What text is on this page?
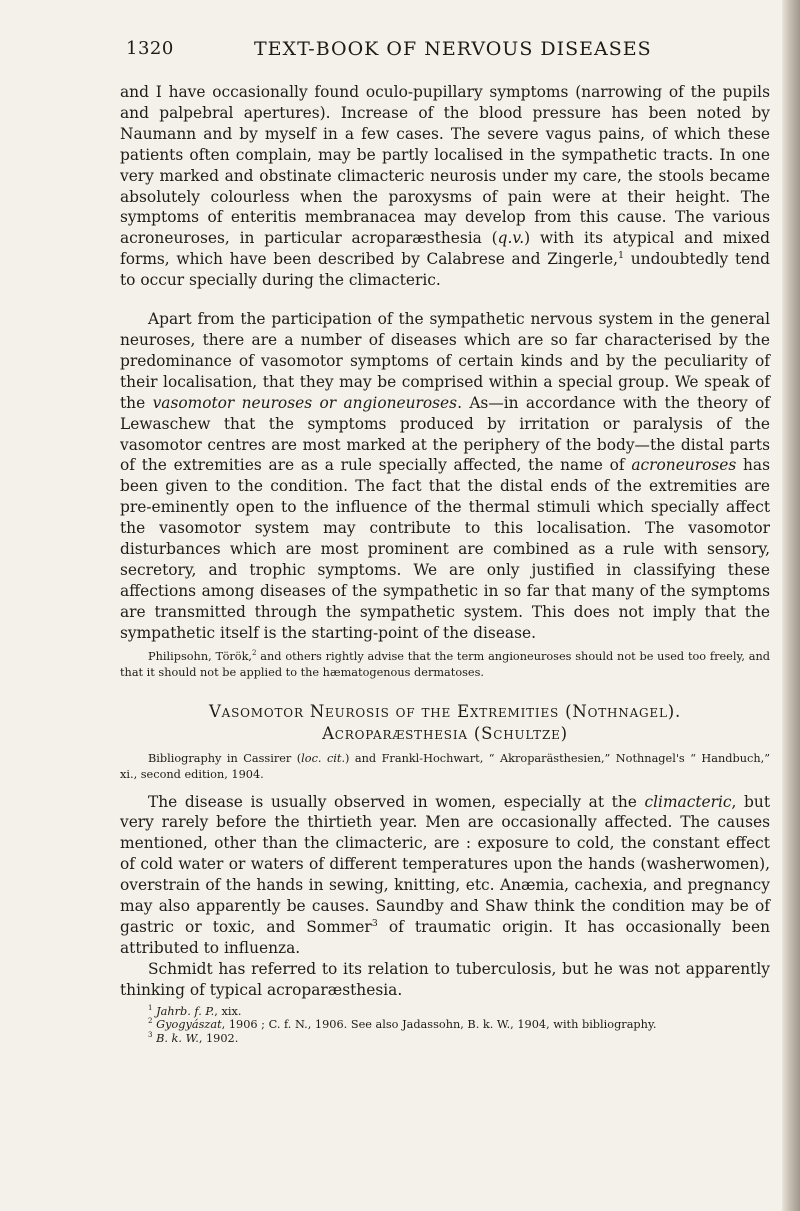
1320	TEXT-BOOK OF NERVOUS DISEASES

and I have occasionally found oculo-pupillary symptoms (narrowing of the pupils and palpebral apertures). Increase of the blood pressure has been noted by Naumann and by myself in a few cases. The severe vagus pains, of which these patients often complain, may be partly localised in the sympathetic tracts. In one very marked and obstinate climacteric neurosis under my care, the stools became absolutely colourless when the paroxysms of pain were at their height. The symptoms of enteritis membranacea may develop from this cause. The various acroneuroses, in particular acroparæsthesia (q.v.) with its atypical and mixed forms, which have been described by Calabrese and Zingerle,$^1$ undoubtedly tend to occur specially during the climacteric.

Apart from the participation of the sympathetic nervous system in the general neuroses, there are a number of diseases which are so far characterised by the predominance of vasomotor symptoms of certain kinds and by the peculiarity of their localisation, that they may be comprised within a special group. We speak of the vasomotor neuroses or angioneuroses. As—in accordance with the theory of Lewaschew that the symptoms produced by irritation or paralysis of the vasomotor centres are most marked at the periphery of the body—the distal parts of the extremities are as a rule specially affected, the name of acroneuroses has been given to the condition. The fact that the distal ends of the extremities are pre-eminently open to the influence of the thermal stimuli which specially affect the vasomotor system may contribute to this localisation. The vasomotor disturbances which are most prominent are combined as a rule with sensory, secretory, and trophic symptoms. We are only justified in classifying these affections among diseases of the sympathetic in so far that many of the symptoms are transmitted through the sympathetic system. This does not imply that the sympathetic itself is the starting-point of the disease.

Philipsohn, Török,$^2$ and others rightly advise that the term angioneuroses should not be used too freely, and that it should not be applied to the hæmatogenous dermatoses.

Vasomotor Neurosis of the Extremities (Nothnagel).

Acroparæsthesia (Schultze)

Bibliography in Cassirer (loc. cit.) and Frankl-Hochwart, “ Akroparästhesien,” Nothnagel's “ Handbuch,” xi., second edition, 1904.

The disease is usually observed in women, especially at the climacteric, but very rarely before the thirtieth year. Men are occasionally affected. The causes mentioned, other than the climacteric, are : exposure to cold, the constant effect of cold water or waters of different temperatures upon the hands (washerwomen), overstrain of the hands in sewing, knitting, etc. Anæmia, cachexia, and pregnancy may also apparently be causes. Saundby and Shaw think the condition may be of gastric or toxic, and Sommer$^3$ of traumatic origin. It has occasionally been attributed to influenza.

Schmidt has referred to its relation to tuberculosis, but he was not apparently thinking of typical acroparæsthesia.

$^1$ Jahrb. f. P., xix.

$^2$ Gyogyászat, 1906 ; C. f. N., 1906. See also Jadassohn, B. k. W., 1904, with bibliography.

$^3$ B. k. W., 1902.
